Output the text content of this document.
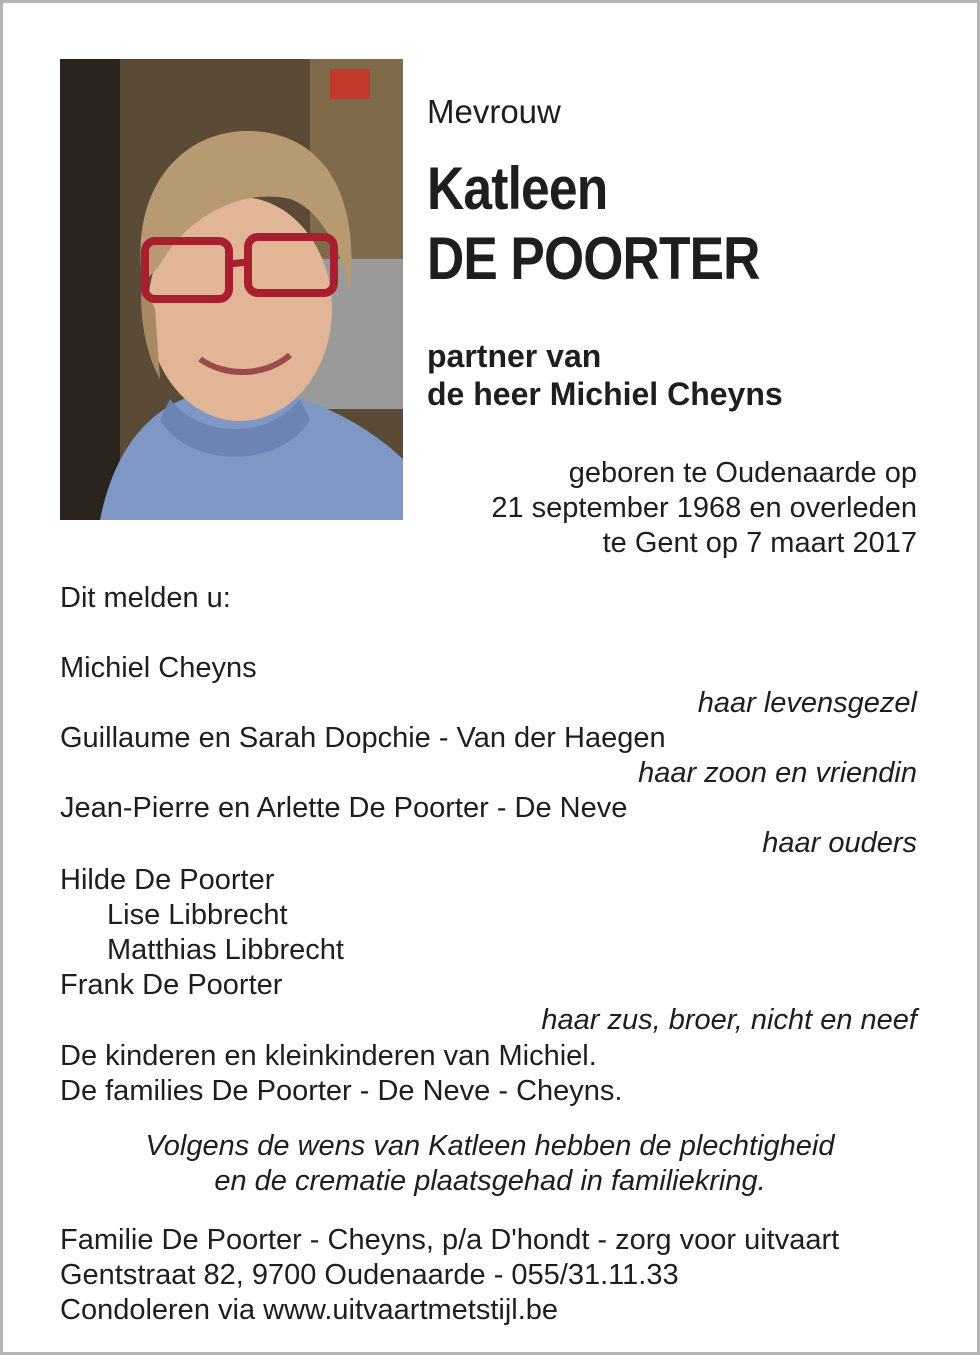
Mevrouw
Katleen
DE POORTER
partner van
de heer Michiel Cheyns
geboren te Oudenaarde op
21 september 1968 en overleden
te Gent op 7 maart 2017
Dit melden u:
Michiel Cheyns
haar levensgezel
Guillaume en Sarah Dopchie - Van der Haegen
haar zoon en vriendin
Jean-Pierre en Arlette De Poorter - De Neve
haar ouders
Hilde De Poorter
Lise Libbrecht
Matthias Libbrecht
Frank De Poorter
haar zus, broer, nicht en neef
De kinderen en kleinkinderen van Michiel.
De families De Poorter - De Neve - Cheyns.
Volgens de wens van Katleen hebben de plechtigheid
en de crematie plaatsgehad in familiekring.
Familie De Poorter - Cheyns, p/a D'hondt - zorg voor uitvaart
Gentstraat 82, 9700 Oudenaarde - 055/31.11.33
Condoleren via www.uitvaartmetstijl.be
